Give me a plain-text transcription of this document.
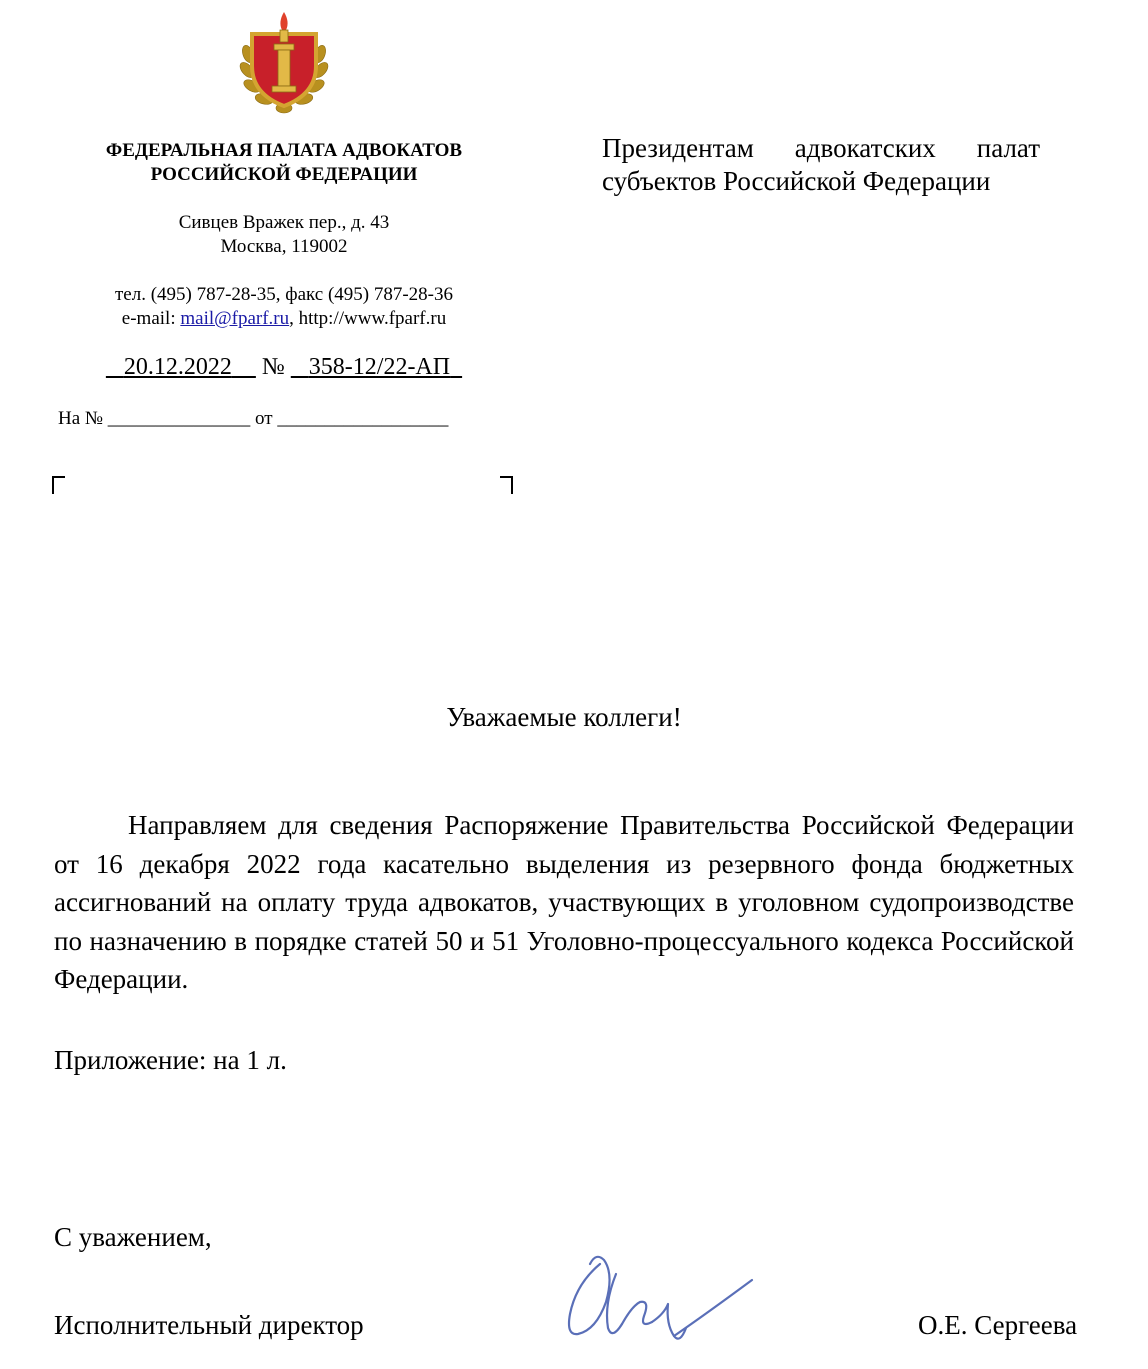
ФЕДЕРАЛЬНАЯ ПАЛАТА АДВОКАТОВ
РОССИЙСКОЙ ФЕДЕРАЦИИ
Сивцев Вражек пер., д. 43
Москва, 119002
тел. (495) 787-28-35, факс (495) 787-28-36
e-mail: mail@fparf.ru, http://www.fparf.ru
20.12.2022 № 358-12/22-АП
На № _______________ от __________________
Президентам адвокатских палат
субъектов Российской Федерации
Уважаемые коллеги!
Направляем для сведения Распоряжение Правительства Российской Федерации от 16 декабря 2022 года касательно выделения из резервного фонда бюджетных ассигнований на оплату труда адвокатов, участвующих в уголовном судопроизводстве по назначению в порядке статей 50 и 51 Уголовно-процессуального кодекса Российской Федерации.
Приложение: на 1 л.
С уважением,
Исполнительный директор	О.Е. Сергеева
